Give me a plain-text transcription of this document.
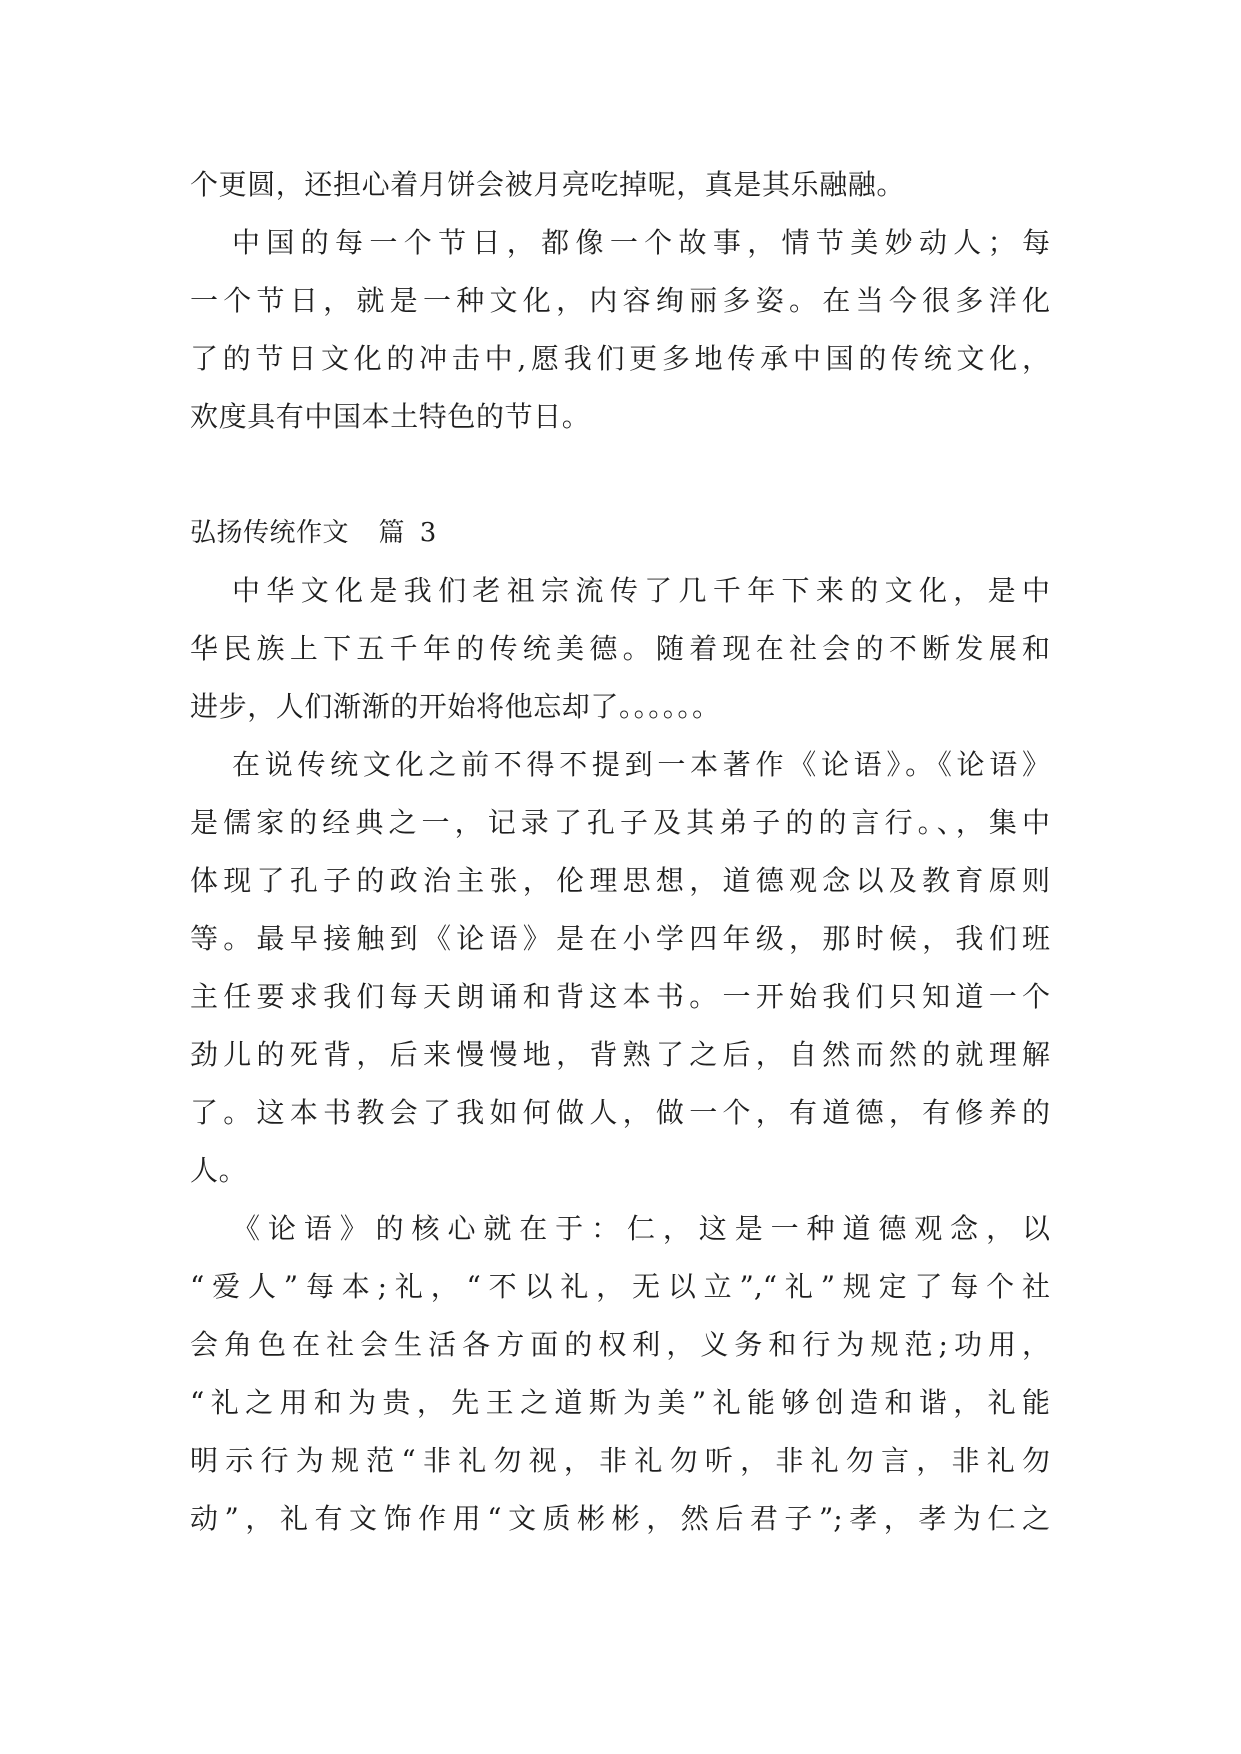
个更圆，还担心着月饼会被月亮吃掉呢，真是其乐融融。
中国的每一个节日，都像一个故事，情节美妙动人；每
一个节日，就是一种文化，内容绚丽多姿。在当今很多洋化
了的节日文化的冲击中,愿我们更多地传承中国的传统文化，
欢度具有中国本土特色的节日。
弘扬传统作文  篇 3
中华文化是我们老祖宗流传了几千年下来的文化，是中
华民族上下五千年的传统美德。随着现在社会的不断发展和
进步，人们渐渐的开始将他忘却了。。。。。。
在说传统文化之前不得不提到一本著作《论语》。《论语》
是儒家的经典之一，记录了孔子及其弟子的的言行。、，集中
体现了孔子的政治主张，伦理思想，道德观念以及教育原则
等。最早接触到《论语》是在小学四年级，那时候，我们班
主任要求我们每天朗诵和背这本书。一开始我们只知道一个
劲儿的死背，后来慢慢地，背熟了之后，自然而然的就理解
了。这本书教会了我如何做人，做一个，有道德，有修养的
人。
《论语》的核心就在于：仁，这是一种道德观念，以
“爱人”每本;礼，“不以礼，无以立”,“礼”规定了每个社
会角色在社会生活各方面的权利，义务和行为规范;功用，
“礼之用和为贵，先王之道斯为美”礼能够创造和谐，礼能
明示行为规范“非礼勿视，非礼勿听，非礼勿言，非礼勿
动”，礼有文饰作用“文质彬彬，然后君子”;孝，孝为仁之
